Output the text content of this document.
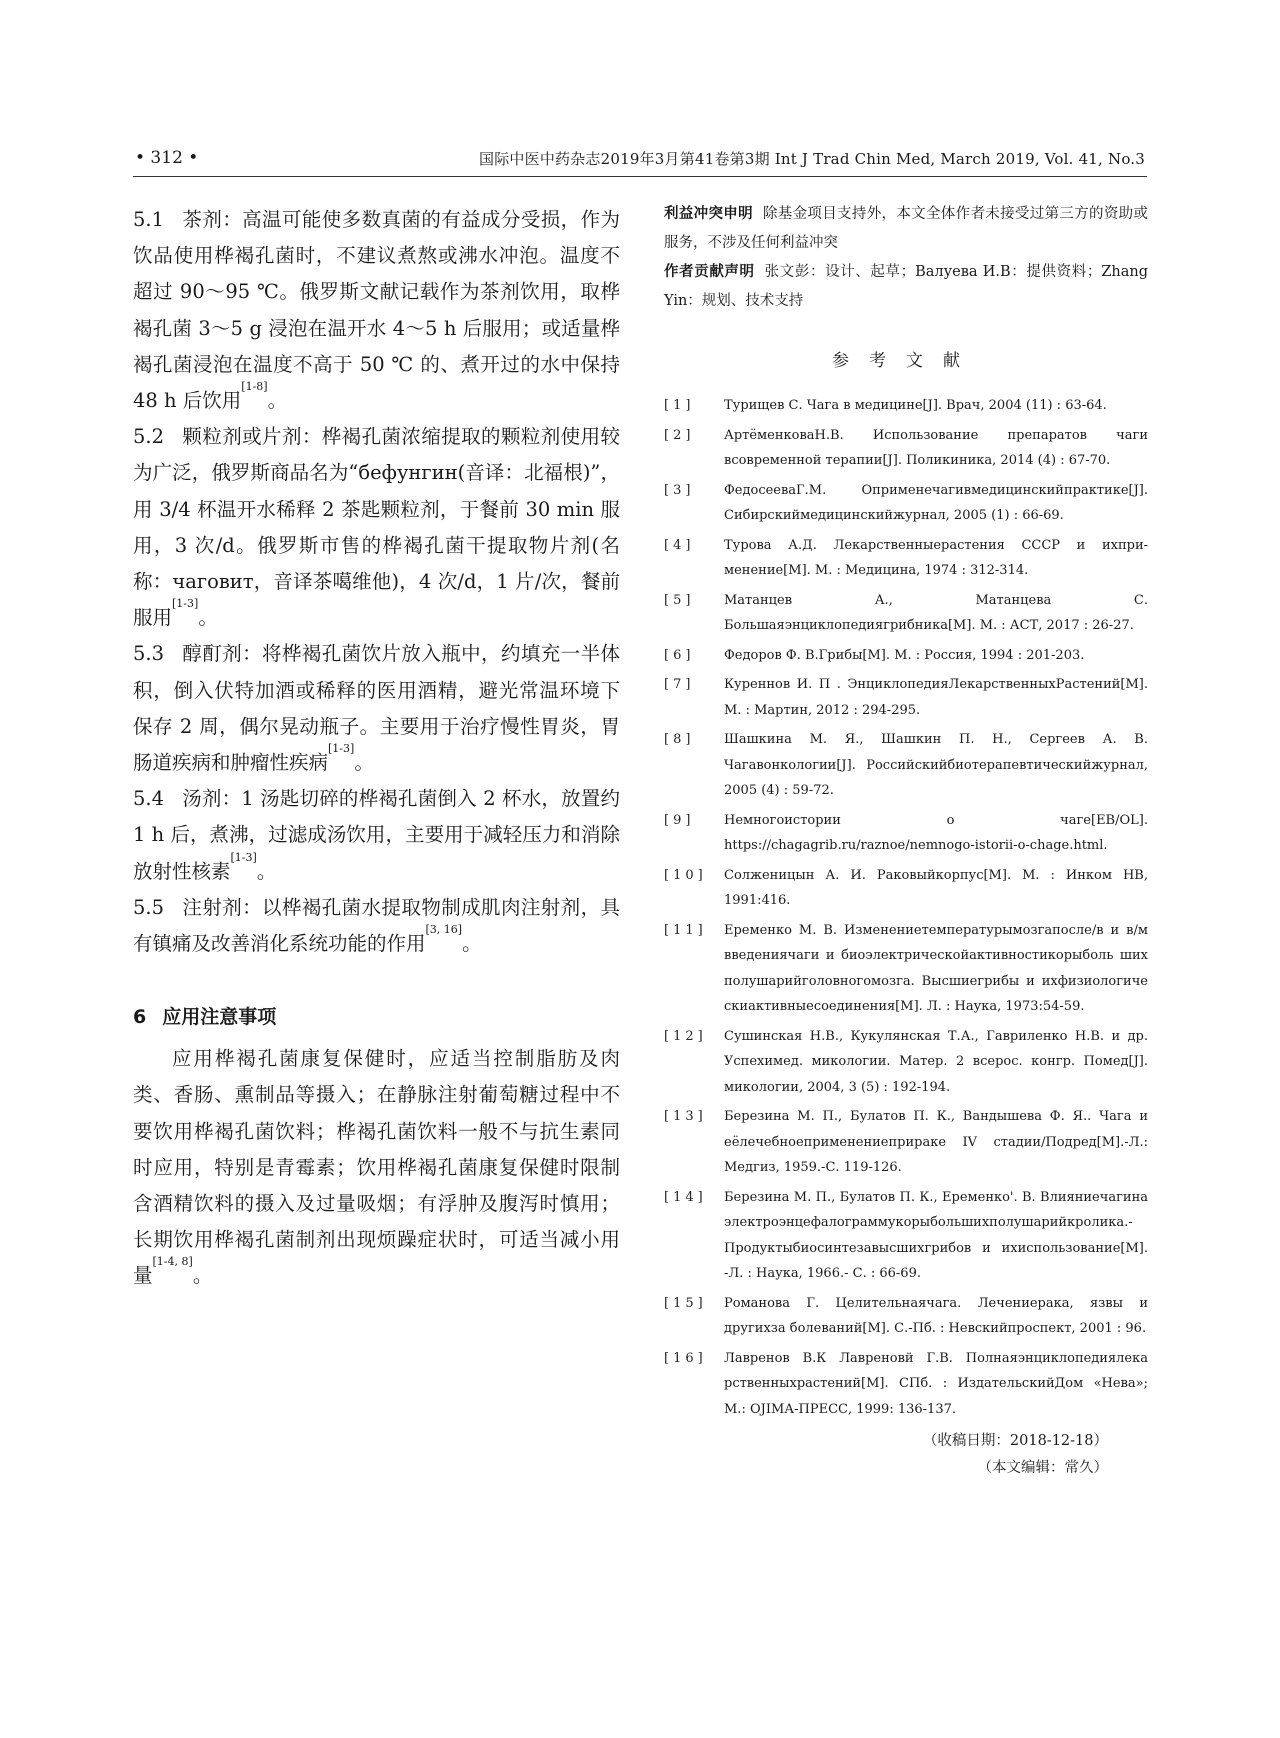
• 312 •	国际中医中药杂志2019年3月第41卷第3期 Int J Trad Chin Med, March 2019, Vol. 41, No.3

5.1 茶剂：高温可能使多数真菌的有益成分受损，作为饮品使用桦褐孔菌时，不建议煮熬或沸水冲泡。温度不超过 90～95 ℃。俄罗斯文献记载作为茶剂饮用，取桦褐孔菌 3～5 g 浸泡在温开水 4～5 h 后服用；或适量桦褐孔菌浸泡在温度不高于 50 ℃ 的、煮开过的水中保持 48 h 后饮用[1-8]。

5.2 颗粒剂或片剂：桦褐孔菌浓缩提取的颗粒剂使用较为广泛，俄罗斯商品名为“бефунгин(音译：北福根)”，用 3/4 杯温开水稀释 2 茶匙颗粒剂，于餐前 30 min 服用，3 次/d。俄罗斯市售的桦褐孔菌干提取物片剂(名称：чаговит，音译茶噶维他)，4 次/d，1 片/次，餐前服用[1-3]。

5.3 醇酊剂：将桦褐孔菌饮片放入瓶中，约填充一半体积，倒入伏特加酒或稀释的医用酒精，避光常温环境下保存 2 周，偶尔晃动瓶子。主要用于治疗慢性胃炎，胃肠道疾病和肿瘤性疾病[1-3]。

5.4 汤剂：1 汤匙切碎的桦褐孔菌倒入 2 杯水，放置约 1 h 后，煮沸，过滤成汤饮用，主要用于减轻压力和消除放射性核素[1-3]。

5.5 注射剂：以桦褐孔菌水提取物制成肌肉注射剂，具有镇痛及改善消化系统功能的作用[3, 16]。

6 应用注意事项

应用桦褐孔菌康复保健时，应适当控制脂肪及肉类、香肠、熏制品等摄入；在静脉注射葡萄糖过程中不要饮用桦褐孔菌饮料；桦褐孔菌饮料一般不与抗生素同时应用，特别是青霉素；饮用桦褐孔菌康复保健时限制含酒精饮料的摄入及过量吸烟；有浮肿及腹泻时慎用；长期饮用桦褐孔菌制剂出现烦躁症状时，可适当减小用量[1-4, 8]。

利益冲突申明 除基金项目支持外，本文全体作者未接受过第三方的资助或服务，不涉及任何利益冲突

作者贡献声明 张文彭：设计、起草；Валуева И.В：提供资料；Zhang Yin：规划、技术支持

参考文献
[1]	Турищев С. Чага в медицине[J]. Врач, 2004 (11) : 63-64.
[2]	АртёменковаН.В. Использование препаратов чаги всовременной терапии[J]. Поликиника, 2014 (4) : 67-70.
[3]	ФедосееваГ.М. Оприменечагивмедицинскийпрактике[J]. Сибирскиймедицинскийжурнал, 2005 (1) : 66-69.
[4]	Турова А.Д. Лекарственныерастения СССР и ихпри-менение[M]. М. : Медицина, 1974 : 312-314.
[5]	Матанцев А., Матанцева С. Большаяэнциклопедиягрибника[M]. М. : АСТ, 2017 : 26-27.
[6]	Федоров Ф. В.Грибы[M]. М. : Россия, 1994 : 201-203.
[7]	Куреннов И. П . ЭнциклопедияЛекарственныхРастений[M]. М. : Мартин, 2012 : 294-295.
[8]	Шашкина М. Я., Шашкин П. Н., Сергеев А. В. Чагавонкологии[J]. Российскийбиотерапевтическийжурнал, 2005 (4) : 59-72.
[9]	Немногоистории о чаге[EB/OL]. https://chagagrib.ru/raznoe/nemnogo-istorii-o-chage.html.
[10]	Солженицын А. И. Раковыйкорпус[M]. М. : Инком НВ, 1991:416.
[11]	Еременко М. В. Изменениетемпературымозгапосле/в и в/м введениячаги и биоэлектрическойактивностикорыболь ших полушарийголовногомозга. Высшиегрибы и ихфизиологиче скиактивныесоединения[M]. Л. : Наука, 1973:54-59.
[12]	Сушинская Н.В., Кукулянская Т.А., Гавриленко Н.В. и др. Успехимед. микологии. Матер. 2 всерос. конгр. Помед[J]. микологии, 2004, 3 (5) : 192-194.
[13]	Березина М. П., Булатов П. К., Вандышева Ф. Я.. Чага и еёлечебноеприменениеприраке IV стадии/Подред[M].-Л.: Медгиз, 1959.-С. 119-126.
[14]	Березина М. П., Булатов П. К., Еременко'. В. Влияниечагина электроэнцефалограммукорыбольшихполушарийкролика.-Продуктыбиосинтезавысшихгрибов и ихиспользование[M]. -Л. : Наука, 1966.- С. : 66-69.
[15]	Романова Г. Целительнаячага. Лечениерака, язвы и другихза болеваний[M]. С.-Пб. : Невскийпроспект, 2001 : 96.
[16]	Лавренов В.К Лавреновй Г.В. Полнаяэнциклопедиялека рственныхрастений[M]. СПб. : ИздательскийДом «Нева»; М.: ОЈIМА-ПРЕСС, 1999: 136-137.
（收稿日期：2018-12-18）
（本文编辑：常久）
